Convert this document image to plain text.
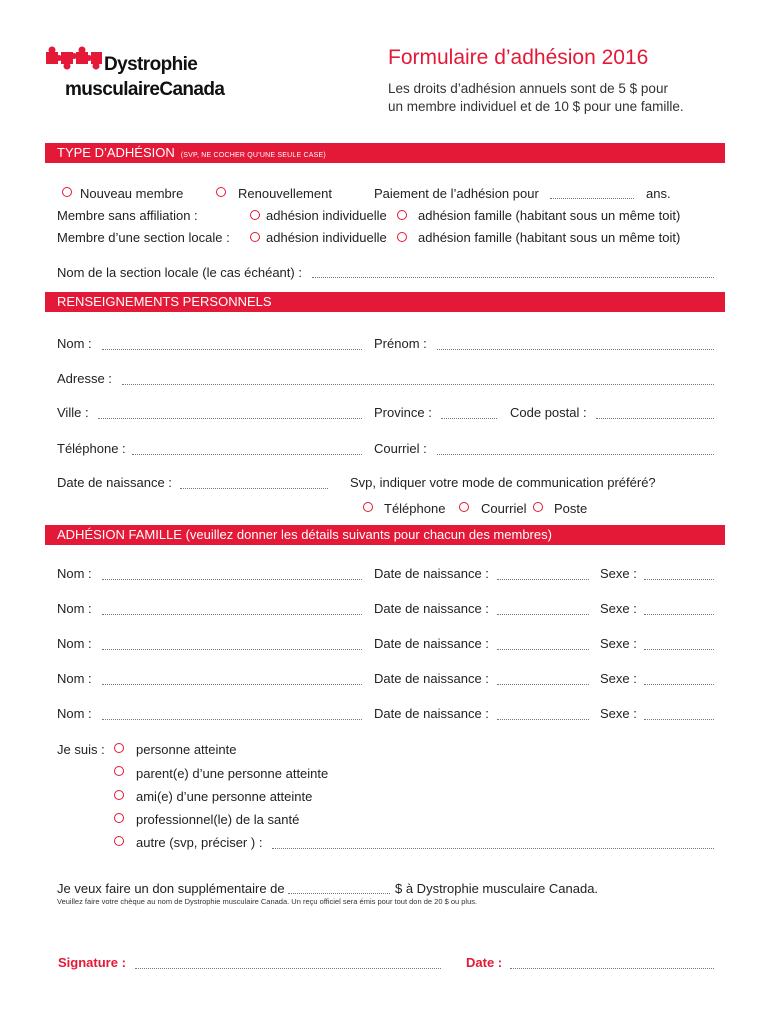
Dystrophie
musculaireCanada
Formulaire d’adhésion 2016
Les droits d’adhésion annuels sont de 5 $ pour
un membre individuel et de 10 $ pour une famille.
TYPE D’ADHÉSION (SVP, NE COCHER QU’UNE SEULE CASE)
Nouveau membre	Renouvellement	Paiement de l’adhésion pour	ans.
Membre sans affiliation :	adhésion individuelle adhésion famille (habitant sous un même toit)
Membre d’une section locale :	adhésion individuelle adhésion famille (habitant sous un même toit)
Nom de la section locale (le cas échéant) :
RENSEIGNEMENTS PERSONNELS
Nom :	Prénom :
Adresse :
Ville :	Province :	Code postal :
Téléphone :	Courriel :
Date de naissance :	Svp, indiquer votre mode de communication préféré?
Téléphone	Courriel Poste
ADHÉSION FAMILLE (veuillez donner les détails suivants pour chacun des membres)
Nom :	Date de naissance :	Sexe :
Nom :	Date de naissance :	Sexe :
Nom :	Date de naissance :	Sexe :
Nom :	Date de naissance :	Sexe :
Nom :	Date de naissance :	Sexe :
Je suis : personne atteinte
parent(e) d’une personne atteinte
ami(e) d’une personne atteinte
professionnel(le) de la santé
autre (svp, préciser ) :
Je veux faire un don supplémentaire de	$ à Dystrophie musculaire Canada.
Veuillez faire votre chèque au nom de Dystrophie musculaire Canada. Un reçu officiel sera émis pour tout don de 20 $ ou plus.
Signature :	Date :
